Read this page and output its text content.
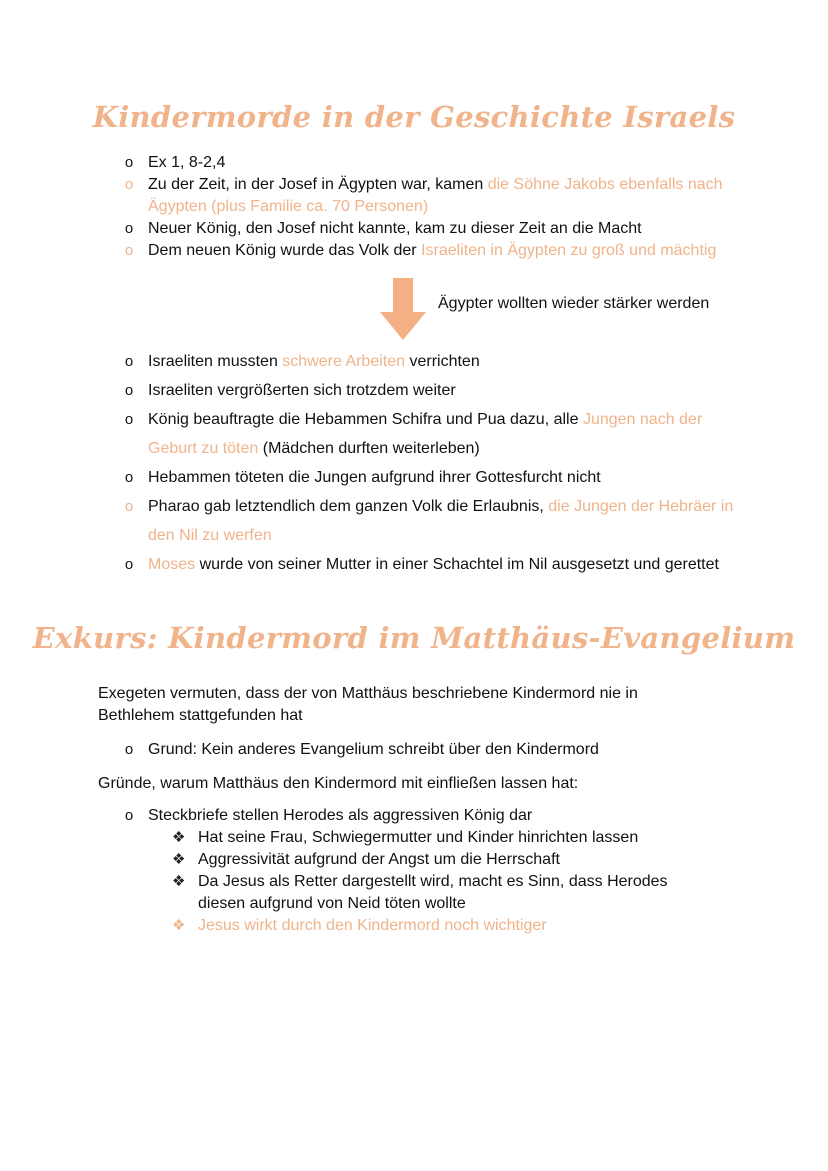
Kindermorde in der Geschichte Israels
o Ex 1, 8-2,4
o Zu der Zeit, in der Josef in Ägypten war, kamen die Söhne Jakobs ebenfalls nach Ägypten (plus Familie ca. 70 Personen)
o Neuer König, den Josef nicht kannte, kam zu dieser Zeit an die Macht
o Dem neuen König wurde das Volk der Israeliten in Ägypten zu groß und mächtig
Ägypter wollten wieder stärker werden
o Israeliten mussten schwere Arbeiten verrichten
o Israeliten vergrößerten sich trotzdem weiter
o König beauftragte die Hebammen Schifra und Pua dazu, alle Jungen nach der Geburt zu töten (Mädchen durften weiterleben)
o Hebammen töteten die Jungen aufgrund ihrer Gottesfurcht nicht
o Pharao gab letztendlich dem ganzen Volk die Erlaubnis, die Jungen der Hebräer in den Nil zu werfen
o Moses wurde von seiner Mutter in einer Schachtel im Nil ausgesetzt und gerettet
Exkurs: Kindermord im Matthäus-Evangelium

Exegeten vermuten, dass der von Matthäus beschriebene Kindermord nie in Bethlehem stattgefunden hat

o Grund: Kein anderes Evangelium schreibt über den Kindermord

Gründe, warum Matthäus den Kindermord mit einfließen lassen hat:

o Steckbriefe stellen Herodes als aggressiven König dar
❖ Hat seine Frau, Schwiegermutter und Kinder hinrichten lassen
❖ Aggressivität aufgrund der Angst um die Herrschaft
❖ Da Jesus als Retter dargestellt wird, macht es Sinn, dass Herodes diesen aufgrund von Neid töten wollte
❖ Jesus wirkt durch den Kindermord noch wichtiger
